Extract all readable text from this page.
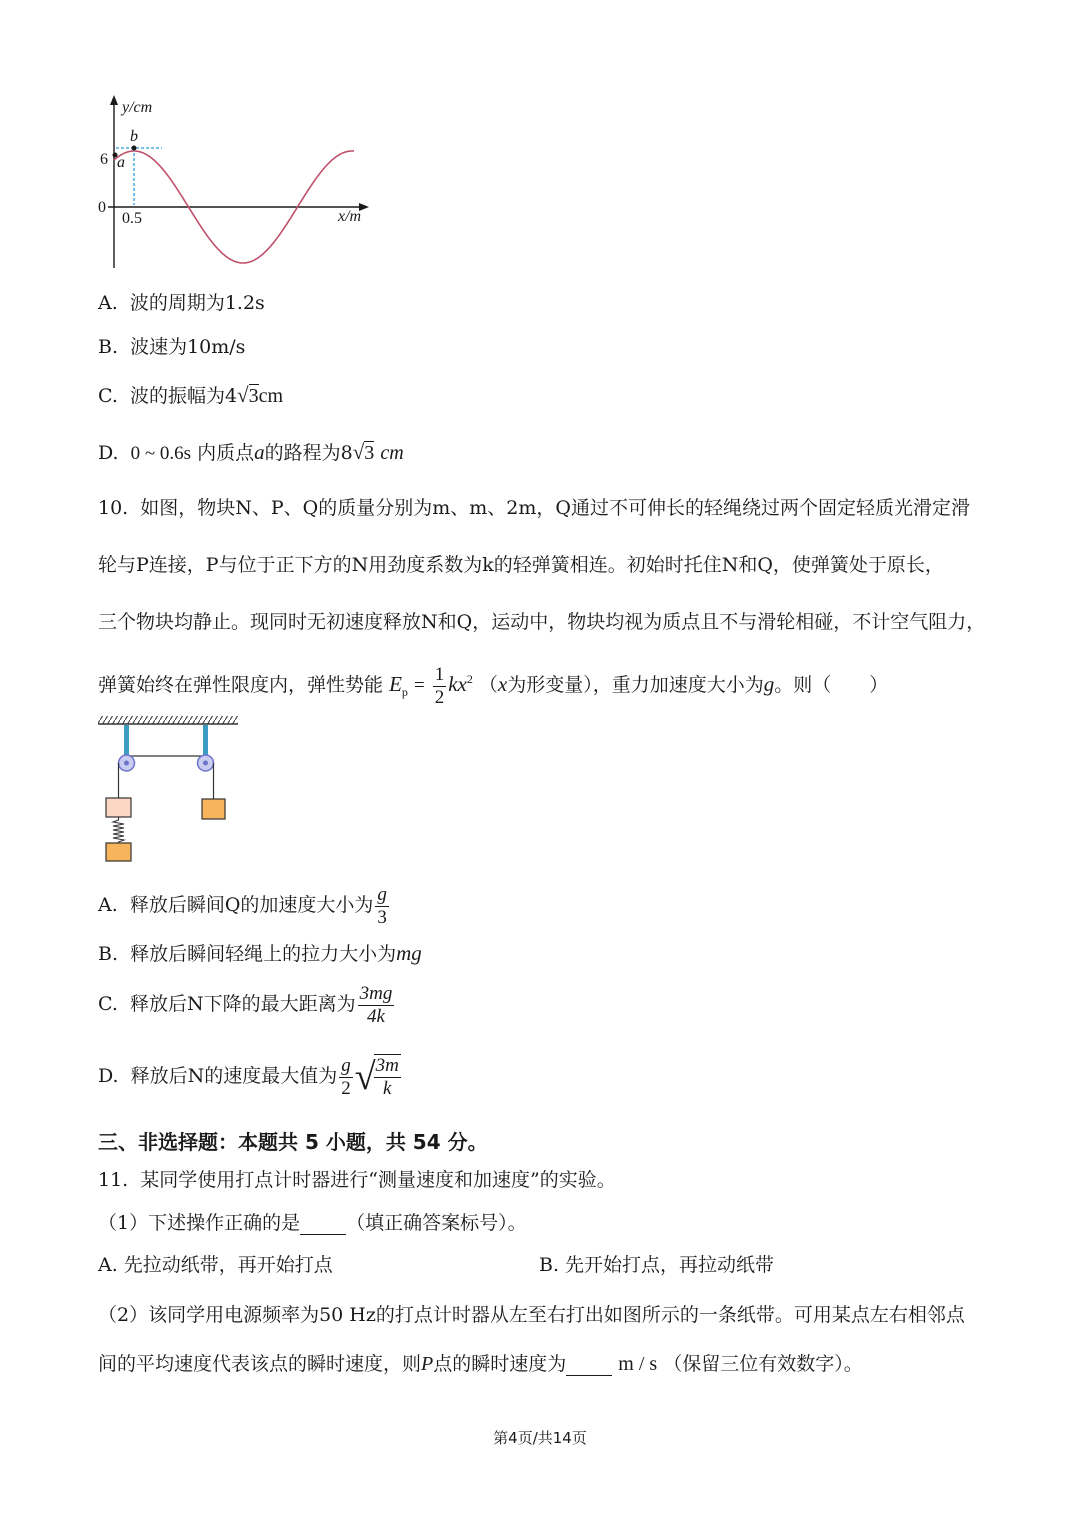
y/cm
x/m
6
0
0.5
a
b
A. 波的周期为1.2s
B. 波速为10m/s
C. 波的振幅为4√3cm
D. 0 ~ 0.6s 内质点a的路程为8√3 cm
10. 如图，物块N、P、Q的质量分别为m、m、2m，Q通过不可伸长的轻绳绕过两个固定轻质光滑定滑
轮与P连接，P与位于正下方的N用劲度系数为k的轻弹簧相连。初始时托住N和Q，使弹簧处于原长，
三个物块均静止。现同时无初速度释放N和Q，运动中，物块均视为质点且不与滑轮相碰，不计空气阻力，
弹簧始终在弹性限度内，弹性势能 $E_p = \frac{1}{2} kx^2$ （x为形变量），重力加速度大小为g。则（　　）
A. 释放后瞬间Q的加速度大小为 $\frac{g}{3}$
B. 释放后瞬间轻绳上的拉力大小为mg
C. 释放后N下降的最大距离为 $\frac{3mg}{4k}$
D. 释放后N的速度最大值为 $\frac{g}{2}$ √
$\frac{3m}{k}$
三、非选择题：本题共 5 小题，共 54 分。
11. 某同学使用打点计时器进行“测量速度和加速度”的实验。
（1）下述操作正确的是 （填正确答案标号）。
A. 先拉动纸带，再开始打点	B. 先开始打点，再拉动纸带
（2）该同学用电源频率为50 Hz的打点计时器从左至右打出如图所示的一条纸带。可用某点左右相邻点
间的平均速度代表该点的瞬时速度，则P点的瞬时速度为	m / s （保留三位有效数字）。
第4页/共14页
